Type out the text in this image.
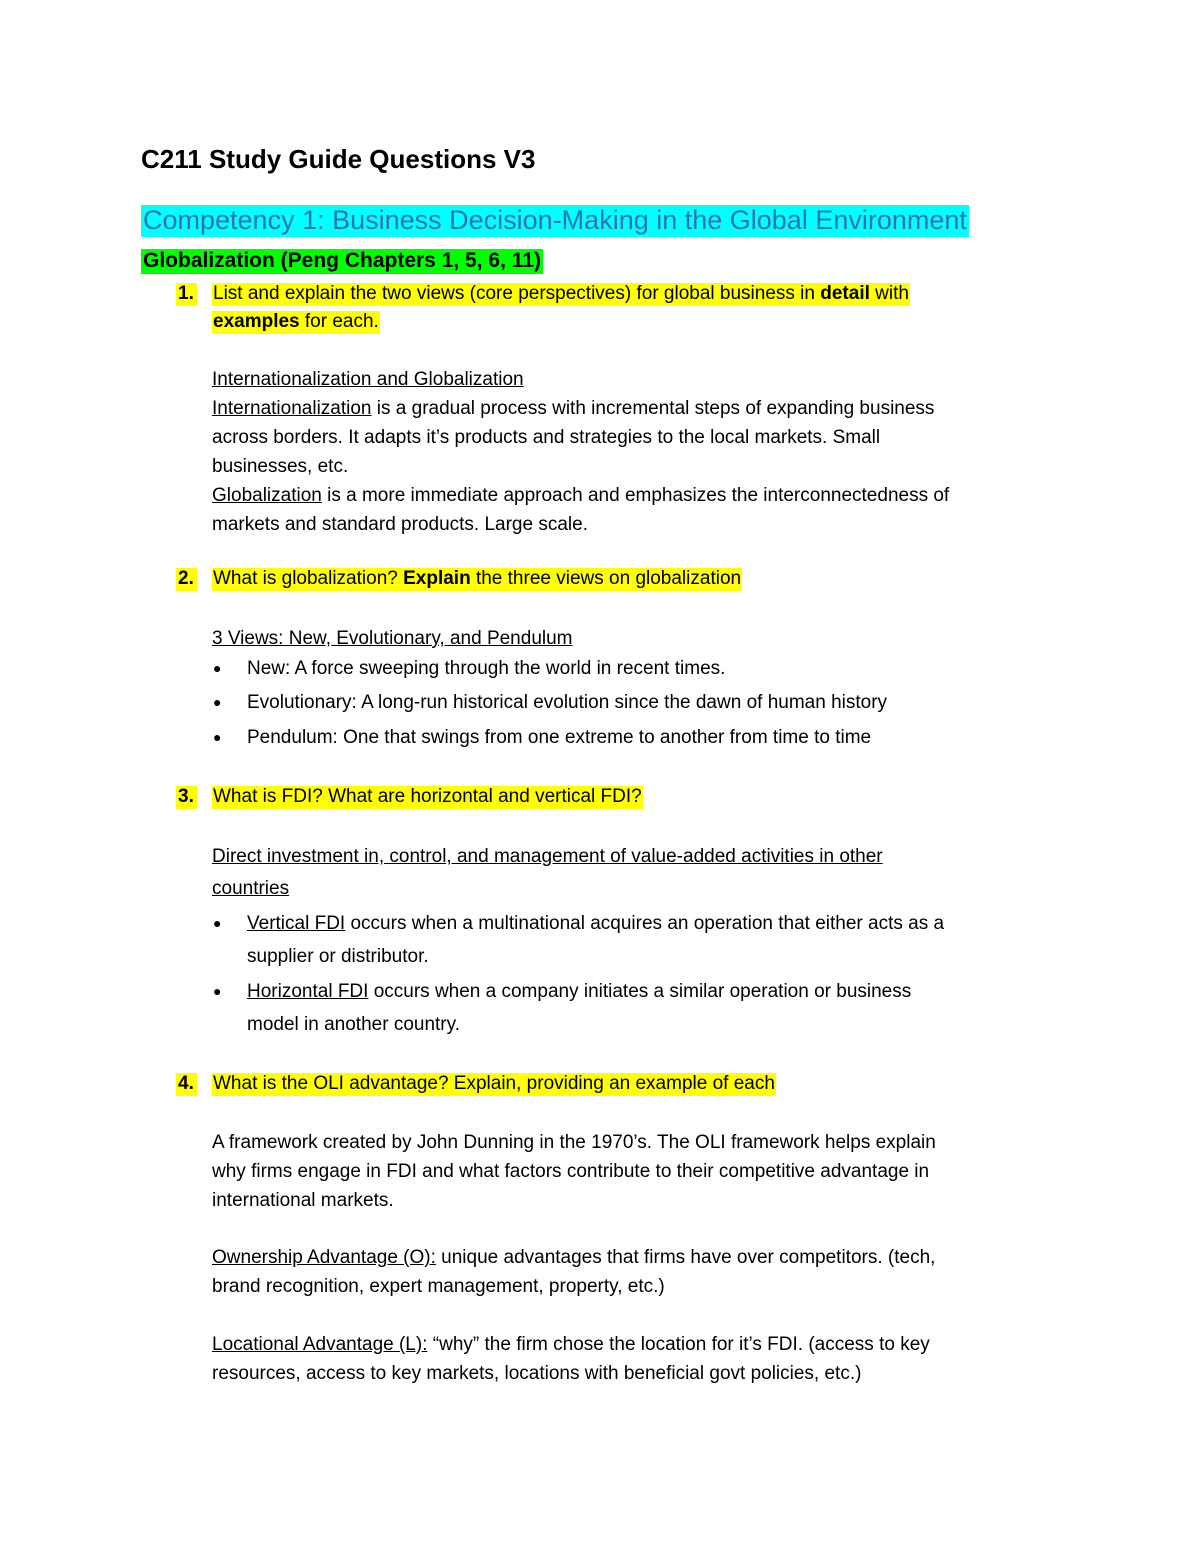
C211 Study Guide Questions V3
Competency 1: Business Decision-Making in the Global Environment
Globalization (Peng Chapters 1, 5, 6, 11)
1. List and explain the two views (core perspectives) for global business in detail with
examples for each.
Internationalization and Globalization
Internationalization is a gradual process with incremental steps of expanding business
across borders. It adapts it’s products and strategies to the local markets. Small
businesses, etc.
Globalization is a more immediate approach and emphasizes the interconnectedness of
markets and standard products. Large scale.
2. What is globalization? Explain the three views on globalization
3 Views: New, Evolutionary, and Pendulum
● New: A force sweeping through the world in recent times.
● Evolutionary: A long-run historical evolution since the dawn of human history
● Pendulum: One that swings from one extreme to another from time to time
3. What is FDI? What are horizontal and vertical FDI?
Direct investment in, control, and management of value-added activities in other
countries
● Vertical FDI occurs when a multinational acquires an operation that either acts as a
supplier or distributor.
● Horizontal FDI occurs when a company initiates a similar operation or business
model in another country.
4. What is the OLI advantage? Explain, providing an example of each
A framework created by John Dunning in the 1970’s. The OLI framework helps explain
why firms engage in FDI and what factors contribute to their competitive advantage in
international markets.
Ownership Advantage (O): unique advantages that firms have over competitors. (tech,
brand recognition, expert management, property, etc.)
Locational Advantage (L): “why” the firm chose the location for it’s FDI. (access to key
resources, access to key markets, locations with beneficial govt policies, etc.)
